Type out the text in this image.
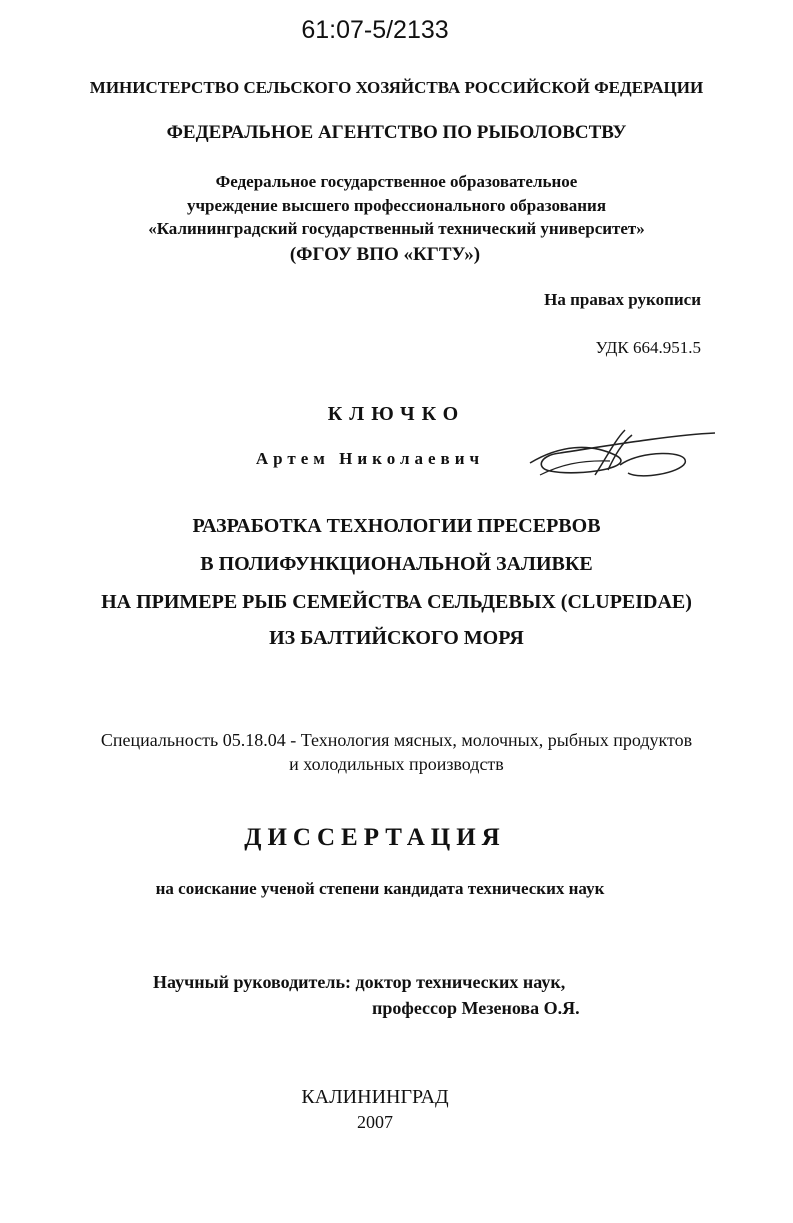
61:07-5/2133
МИНИСТЕРСТВО СЕЛЬСКОГО ХОЗЯЙСТВА РОССИЙСКОЙ ФЕДЕРАЦИИ
ФЕДЕРАЛЬНОЕ АГЕНТСТВО ПО РЫБОЛОВСТВУ
Федеральное государственное образовательное
учреждение высшего профессионального образования
«Калининградский государственный технический университет»
(ФГОУ ВПО «КГТУ»)
На правах рукописи
УДК 664.951.5
КЛЮЧКО
Артем Николаевич
РАЗРАБОТКА ТЕХНОЛОГИИ ПРЕСЕРВОВ
В ПОЛИФУНКЦИОНАЛЬНОЙ ЗАЛИВКЕ
НА ПРИМЕРЕ РЫБ СЕМЕЙСТВА СЕЛЬДЕВЫХ (CLUPEIDAE)
ИЗ БАЛТИЙСКОГО МОРЯ
Специальность 05.18.04 - Технология мясных, молочных, рыбных продуктов
и холодильных производств
ДИССЕРТАЦИЯ
на соискание ученой степени кандидата технических наук
Научный руководитель: доктор технических наук,
профессор Мезенова О.Я.
КАЛИНИНГРАД
2007
